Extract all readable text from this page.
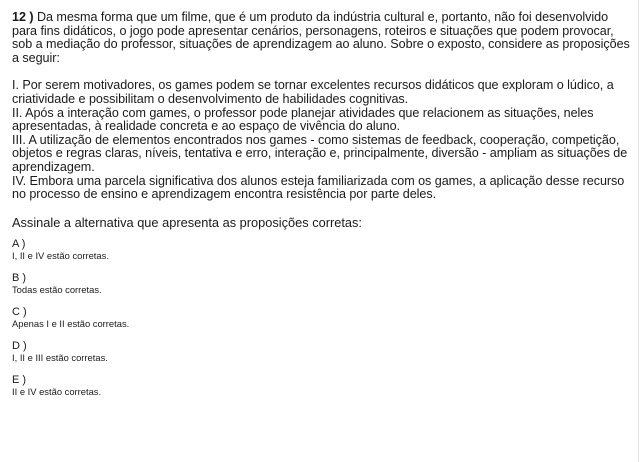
12 ) Da mesma forma que um filme, que é um produto da indústria cultural e, portanto, não foi desenvolvido para fins didáticos, o jogo pode apresentar cenários, personagens, roteiros e situações que podem provocar, sob a mediação do professor, situações de aprendizagem ao aluno. Sobre o exposto, considere as proposições a seguir:

I. Por serem motivadores, os games podem se tornar excelentes recursos didáticos que exploram o lúdico, a criatividade e possibilitam o desenvolvimento de habilidades cognitivas.

II. Após a interação com games, o professor pode planejar atividades que relacionem as situações, neles apresentadas, à realidade concreta e ao espaço de vivência do aluno.

III. A utilização de elementos encontrados nos games - como sistemas de feedback, cooperação, competição, objetos e regras claras, níveis, tentativa e erro, interação e, principalmente, diversão - ampliam as situações de aprendizagem.

IV. Embora uma parcela significativa dos alunos esteja familiarizada com os games, a aplicação desse recurso no processo de ensino e aprendizagem encontra resistência por parte deles.

Assinale a alternativa que apresenta as proposições corretas:
A )
I, II e IV estão corretas.
B )
Todas estão corretas.
C )
Apenas I e II estão corretas.
D )
I, II e III estão corretas.
E )
II e IV estão corretas.
